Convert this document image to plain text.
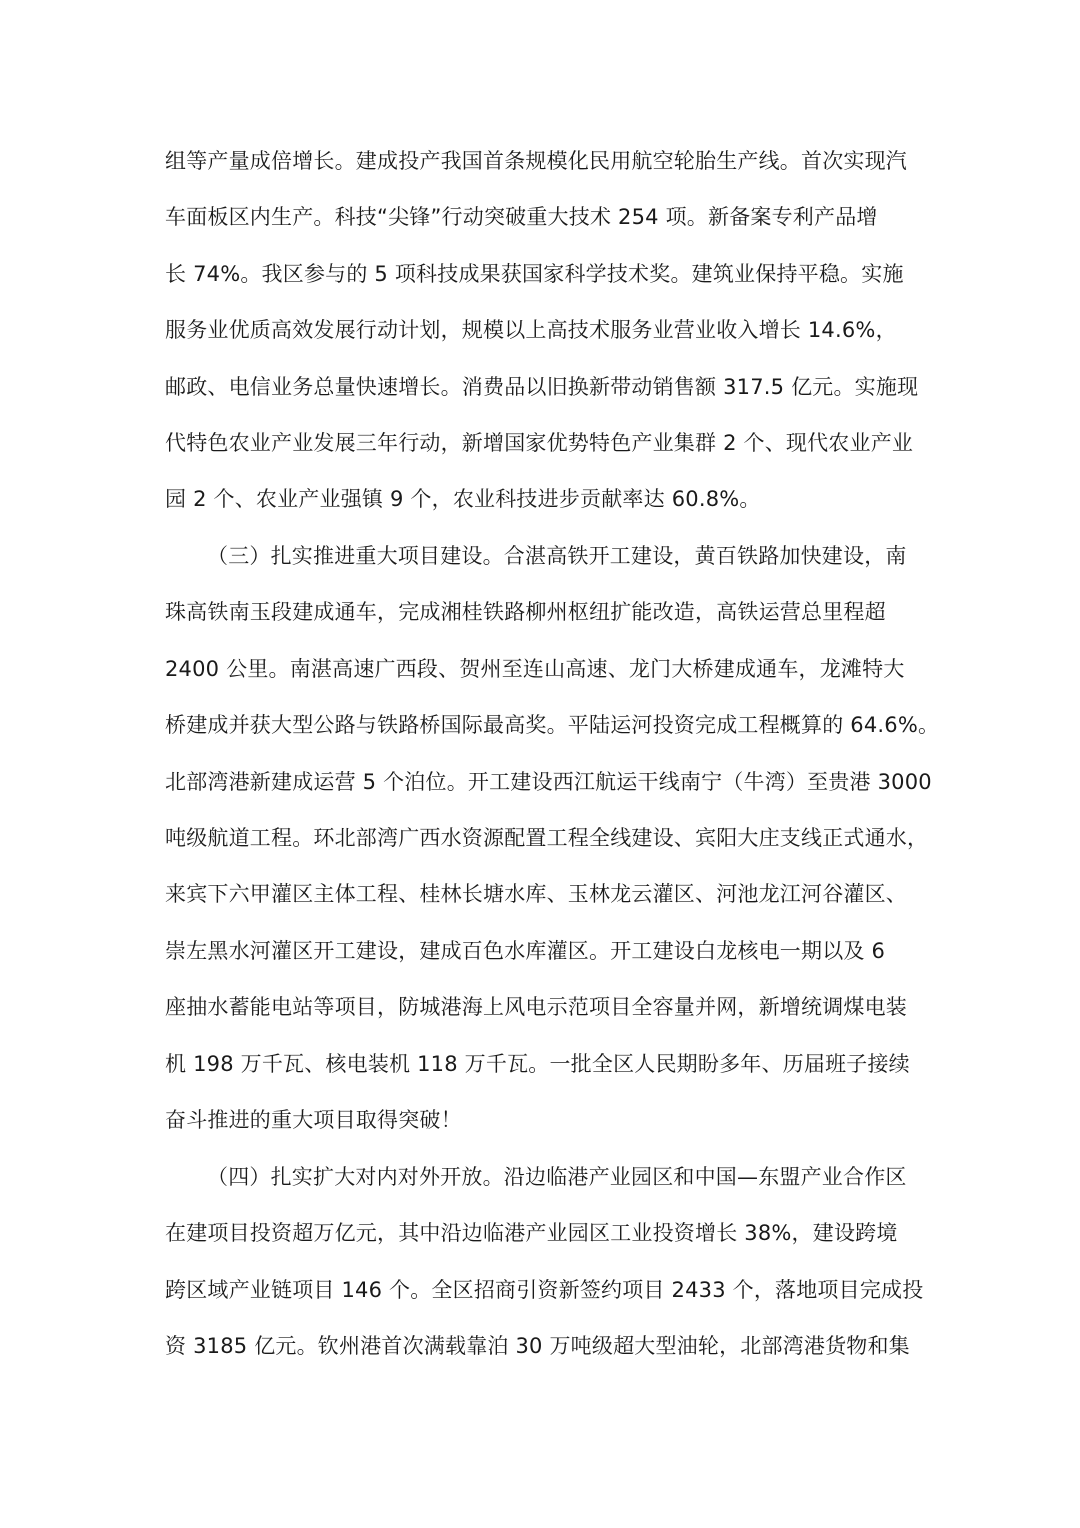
组等产量成倍增长。建成投产我国首条规模化民用航空轮胎生产线。首次实现汽
车面板区内生产。科技“尖锋”行动突破重大技术 254 项。新备案专利产品增
长 74%。我区参与的 5 项科技成果获国家科学技术奖。建筑业保持平稳。实施
服务业优质高效发展行动计划，规模以上高技术服务业营业收入增长 14.6%，
邮政、电信业务总量快速增长。消费品以旧换新带动销售额 317.5 亿元。实施现
代特色农业产业发展三年行动，新增国家优势特色产业集群 2 个、现代农业产业
园 2 个、农业产业强镇 9 个，农业科技进步贡献率达 60.8%。
（三）扎实推进重大项目建设。合湛高铁开工建设，黄百铁路加快建设，南
珠高铁南玉段建成通车，完成湘桂铁路柳州枢纽扩能改造，高铁运营总里程超
2400 公里。南湛高速广西段、贺州至连山高速、龙门大桥建成通车，龙滩特大
桥建成并获大型公路与铁路桥国际最高奖。平陆运河投资完成工程概算的 64.6%。
北部湾港新建成运营 5 个泊位。开工建设西江航运干线南宁（牛湾）至贵港 3000
吨级航道工程。环北部湾广西水资源配置工程全线建设、宾阳大庄支线正式通水，
来宾下六甲灌区主体工程、桂林长塘水库、玉林龙云灌区、河池龙江河谷灌区、
崇左黑水河灌区开工建设，建成百色水库灌区。开工建设白龙核电一期以及 6
座抽水蓄能电站等项目，防城港海上风电示范项目全容量并网，新增统调煤电装
机 198 万千瓦、核电装机 118 万千瓦。一批全区人民期盼多年、历届班子接续
奋斗推进的重大项目取得突破！
（四）扎实扩大对内对外开放。沿边临港产业园区和中国—东盟产业合作区
在建项目投资超万亿元，其中沿边临港产业园区工业投资增长 38%，建设跨境
跨区域产业链项目 146 个。全区招商引资新签约项目 2433 个，落地项目完成投
资 3185 亿元。钦州港首次满载靠泊 30 万吨级超大型油轮，北部湾港货物和集
